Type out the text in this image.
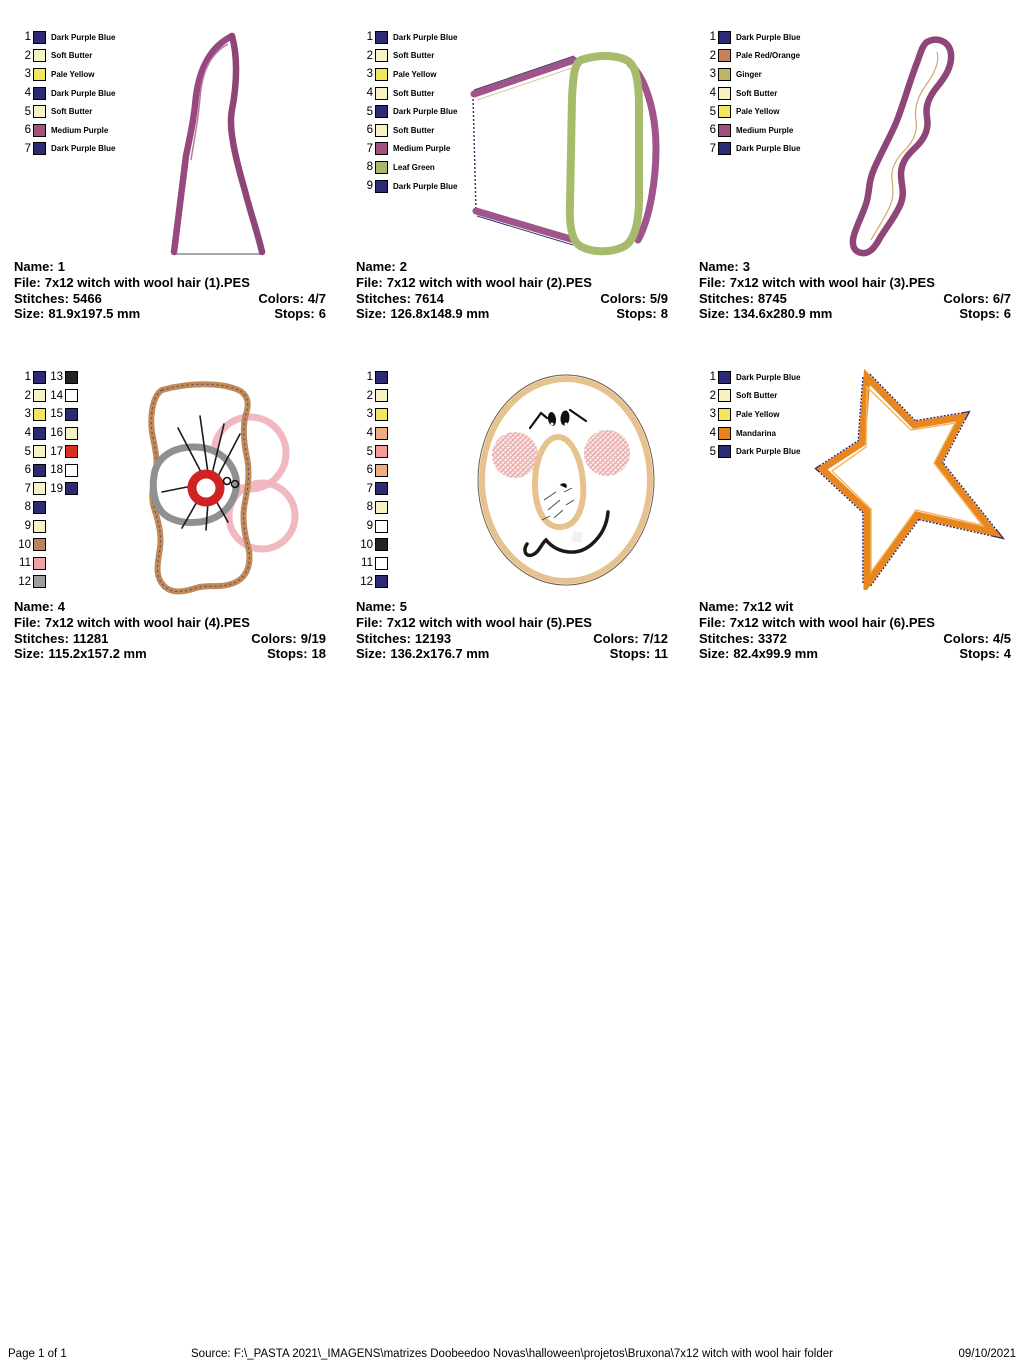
1	Dark Purple Blue
2	Soft Butter
3	Pale Yellow
4	Dark Purple Blue
5	Soft Butter
6	Medium Purple
7	Dark Purple Blue
Name: 1
File: 7x12 witch with wool hair (1).PES
Stitches: 5466	Colors: 4/7
Size: 81.9x197.5 mm	Stops: 6
1	Dark Purple Blue
2	Soft Butter
3	Pale Yellow
4	Soft Butter
5	Dark Purple Blue
6	Soft Butter
7	Medium Purple
8	Leaf Green
9	Dark Purple Blue
Name: 2
File: 7x12 witch with wool hair (2).PES
Stitches: 7614	Colors: 5/9
Size: 126.8x148.9 mm	Stops: 8
1	Dark Purple Blue
2	Pale Red/Orange
3	Ginger
4	Soft Butter
5	Pale Yellow
6	Medium Purple
7	Dark Purple Blue
Name: 3
File: 7x12 witch with wool hair (3).PES
Stitches: 8745	Colors: 6/7
Size: 134.6x280.9 mm	Stops: 6
1
2
3
4
5
6
7
8
9
10
11
12
13
14
15
16
17
18
19
Name: 4
File: 7x12 witch with wool hair (4).PES
Stitches: 11281	Colors: 9/19
Size: 115.2x157.2 mm	Stops: 18
1
2
3
4
5
6
7
8
9
10
11
12
Name: 5
File: 7x12 witch with wool hair (5).PES
Stitches: 12193	Colors: 7/12
Size: 136.2x176.7 mm	Stops: 11
1	Dark Purple Blue
2	Soft Butter
3	Pale Yellow
4	Mandarina
5	Dark Purple Blue
Name: 7x12 wit
File: 7x12 witch with wool hair (6).PES
Stitches: 3372	Colors: 4/5
Size: 82.4x99.9 mm	Stops: 4
Source: F:\_PASTA 2021\_IMAGENS\matrizes Doobeedoo Novas\halloween\projetos\Bruxona\7x12 witch with wool hair folder
Page 1 of 1	09/10/2021
